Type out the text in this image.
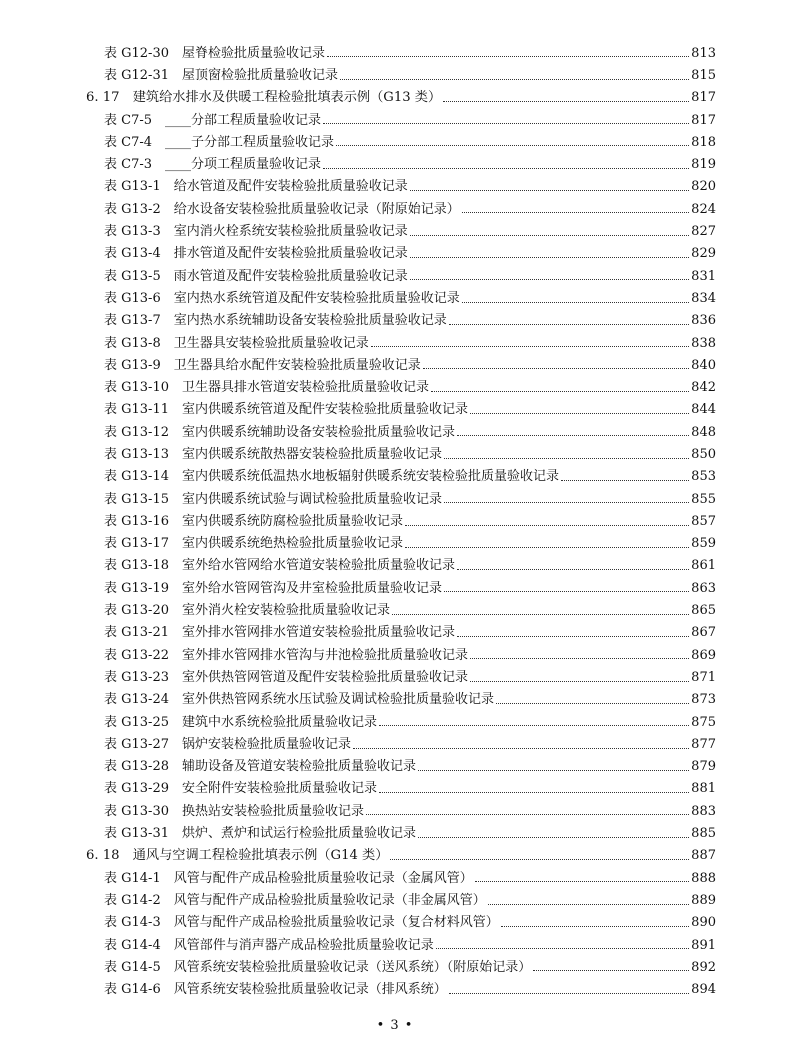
表 G12-30　屋脊检验批质量验收记录	813
表 G12-31　屋顶窗检验批质量验收记录	815
6. 17　建筑给水排水及供暖工程检验批填表示例（G13 类）	817
表 C7-5　____分部工程质量验收记录	817
表 C7-4　____子分部工程质量验收记录	818
表 C7-3　____分项工程质量验收记录	819
表 G13-1　给水管道及配件安装检验批质量验收记录	820
表 G13-2　给水设备安装检验批质量验收记录（附原始记录）	824
表 G13-3　室内消火栓系统安装检验批质量验收记录	827
表 G13-4　排水管道及配件安装检验批质量验收记录	829
表 G13-5　雨水管道及配件安装检验批质量验收记录	831
表 G13-6　室内热水系统管道及配件安装检验批质量验收记录	834
表 G13-7　室内热水系统辅助设备安装检验批质量验收记录	836
表 G13-8　卫生器具安装检验批质量验收记录	838
表 G13-9　卫生器具给水配件安装检验批质量验收记录	840
表 G13-10　卫生器具排水管道安装检验批质量验收记录	842
表 G13-11　室内供暖系统管道及配件安装检验批质量验收记录	844
表 G13-12　室内供暖系统辅助设备安装检验批质量验收记录	848
表 G13-13　室内供暖系统散热器安装检验批质量验收记录	850
表 G13-14　室内供暖系统低温热水地板辐射供暖系统安装检验批质量验收记录	853
表 G13-15　室内供暖系统试验与调试检验批质量验收记录	855
表 G13-16　室内供暖系统防腐检验批质量验收记录	857
表 G13-17　室内供暖系统绝热检验批质量验收记录	859
表 G13-18　室外给水管网给水管道安装检验批质量验收记录	861
表 G13-19　室外给水管网管沟及井室检验批质量验收记录	863
表 G13-20　室外消火栓安装检验批质量验收记录	865
表 G13-21　室外排水管网排水管道安装检验批质量验收记录	867
表 G13-22　室外排水管网排水管沟与井池检验批质量验收记录	869
表 G13-23　室外供热管网管道及配件安装检验批质量验收记录	871
表 G13-24　室外供热管网系统水压试验及调试检验批质量验收记录	873
表 G13-25　建筑中水系统检验批质量验收记录	875
表 G13-27　锅炉安装检验批质量验收记录	877
表 G13-28　辅助设备及管道安装检验批质量验收记录	879
表 G13-29　安全附件安装检验批质量验收记录	881
表 G13-30　换热站安装检验批质量验收记录	883
表 G13-31　烘炉、煮炉和试运行检验批质量验收记录	885
6. 18　通风与空调工程检验批填表示例（G14 类）	887
表 G14-1　风管与配件产成品检验批质量验收记录（金属风管）	888
表 G14-2　风管与配件产成品检验批质量验收记录（非金属风管）	889
表 G14-3　风管与配件产成品检验批质量验收记录（复合材料风管）	890
表 G14-4　风管部件与消声器产成品检验批质量验收记录	891
表 G14-5　风管系统安装检验批质量验收记录（送风系统）（附原始记录）	892
表 G14-6　风管系统安装检验批质量验收记录（排风系统）	894
• 3 •
